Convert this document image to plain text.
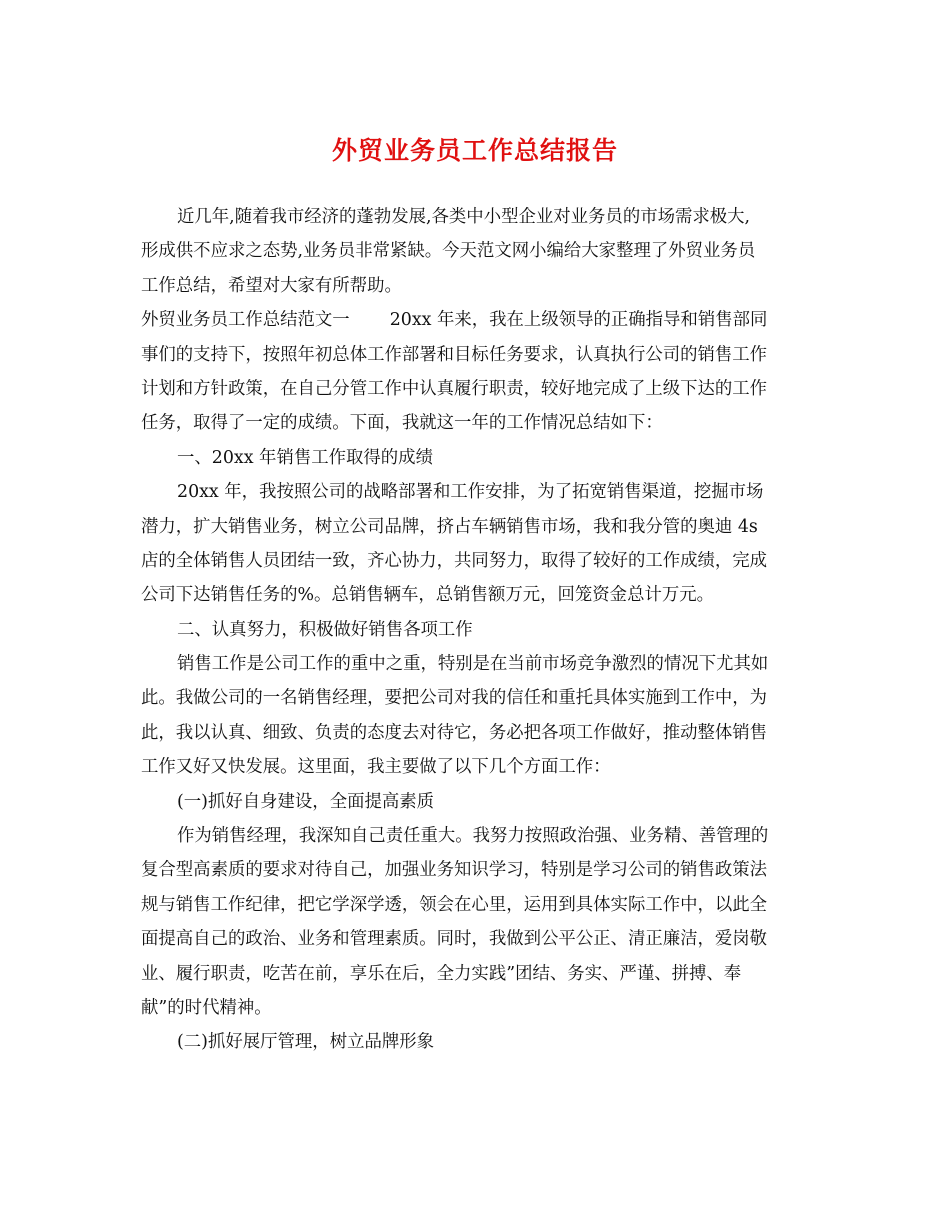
外贸业务员工作总结报告
近几年,随着我市经济的蓬勃发展,各类中小型企业对业务员的市场需求极大,
形成供不应求之态势,业务员非常紧缺。今天范文网小编给大家整理了外贸业务员
工作总结，希望对大家有所帮助。
外贸业务员工作总结范文一 20xx 年来，我在上级领导的正确指导和销售部同
事们的支持下，按照年初总体工作部署和目标任务要求，认真执行公司的销售工作
计划和方针政策，在自己分管工作中认真履行职责，较好地完成了上级下达的工作
任务，取得了一定的成绩。下面，我就这一年的工作情况总结如下：
一、20xx 年销售工作取得的成绩
20xx 年，我按照公司的战略部署和工作安排，为了拓宽销售渠道，挖掘市场
潜力，扩大销售业务，树立公司品牌，挤占车辆销售市场，我和我分管的奥迪 4s
店的全体销售人员团结一致，齐心协力，共同努力，取得了较好的工作成绩，完成
公司下达销售任务的%。总销售辆车，总销售额万元，回笼资金总计万元。
二、认真努力，积极做好销售各项工作
销售工作是公司工作的重中之重，特别是在当前市场竞争激烈的情况下尤其如
此。我做公司的一名销售经理，要把公司对我的信任和重托具体实施到工作中，为
此，我以认真、细致、负责的态度去对待它，务必把各项工作做好，推动整体销售
工作又好又快发展。这里面，我主要做了以下几个方面工作：
(一)抓好自身建设，全面提高素质
作为销售经理，我深知自己责任重大。我努力按照政治强、业务精、善管理的
复合型高素质的要求对待自己，加强业务知识学习，特别是学习公司的销售政策法
规与销售工作纪律，把它学深学透，领会在心里，运用到具体实际工作中，以此全
面提高自己的政治、业务和管理素质。同时，我做到公平公正、清正廉洁，爱岗敬
业、履行职责，吃苦在前，享乐在后，全力实践”团结、务实、严谨、拼搏、奉
献”的时代精神。
(二)抓好展厅管理，树立品牌形象
